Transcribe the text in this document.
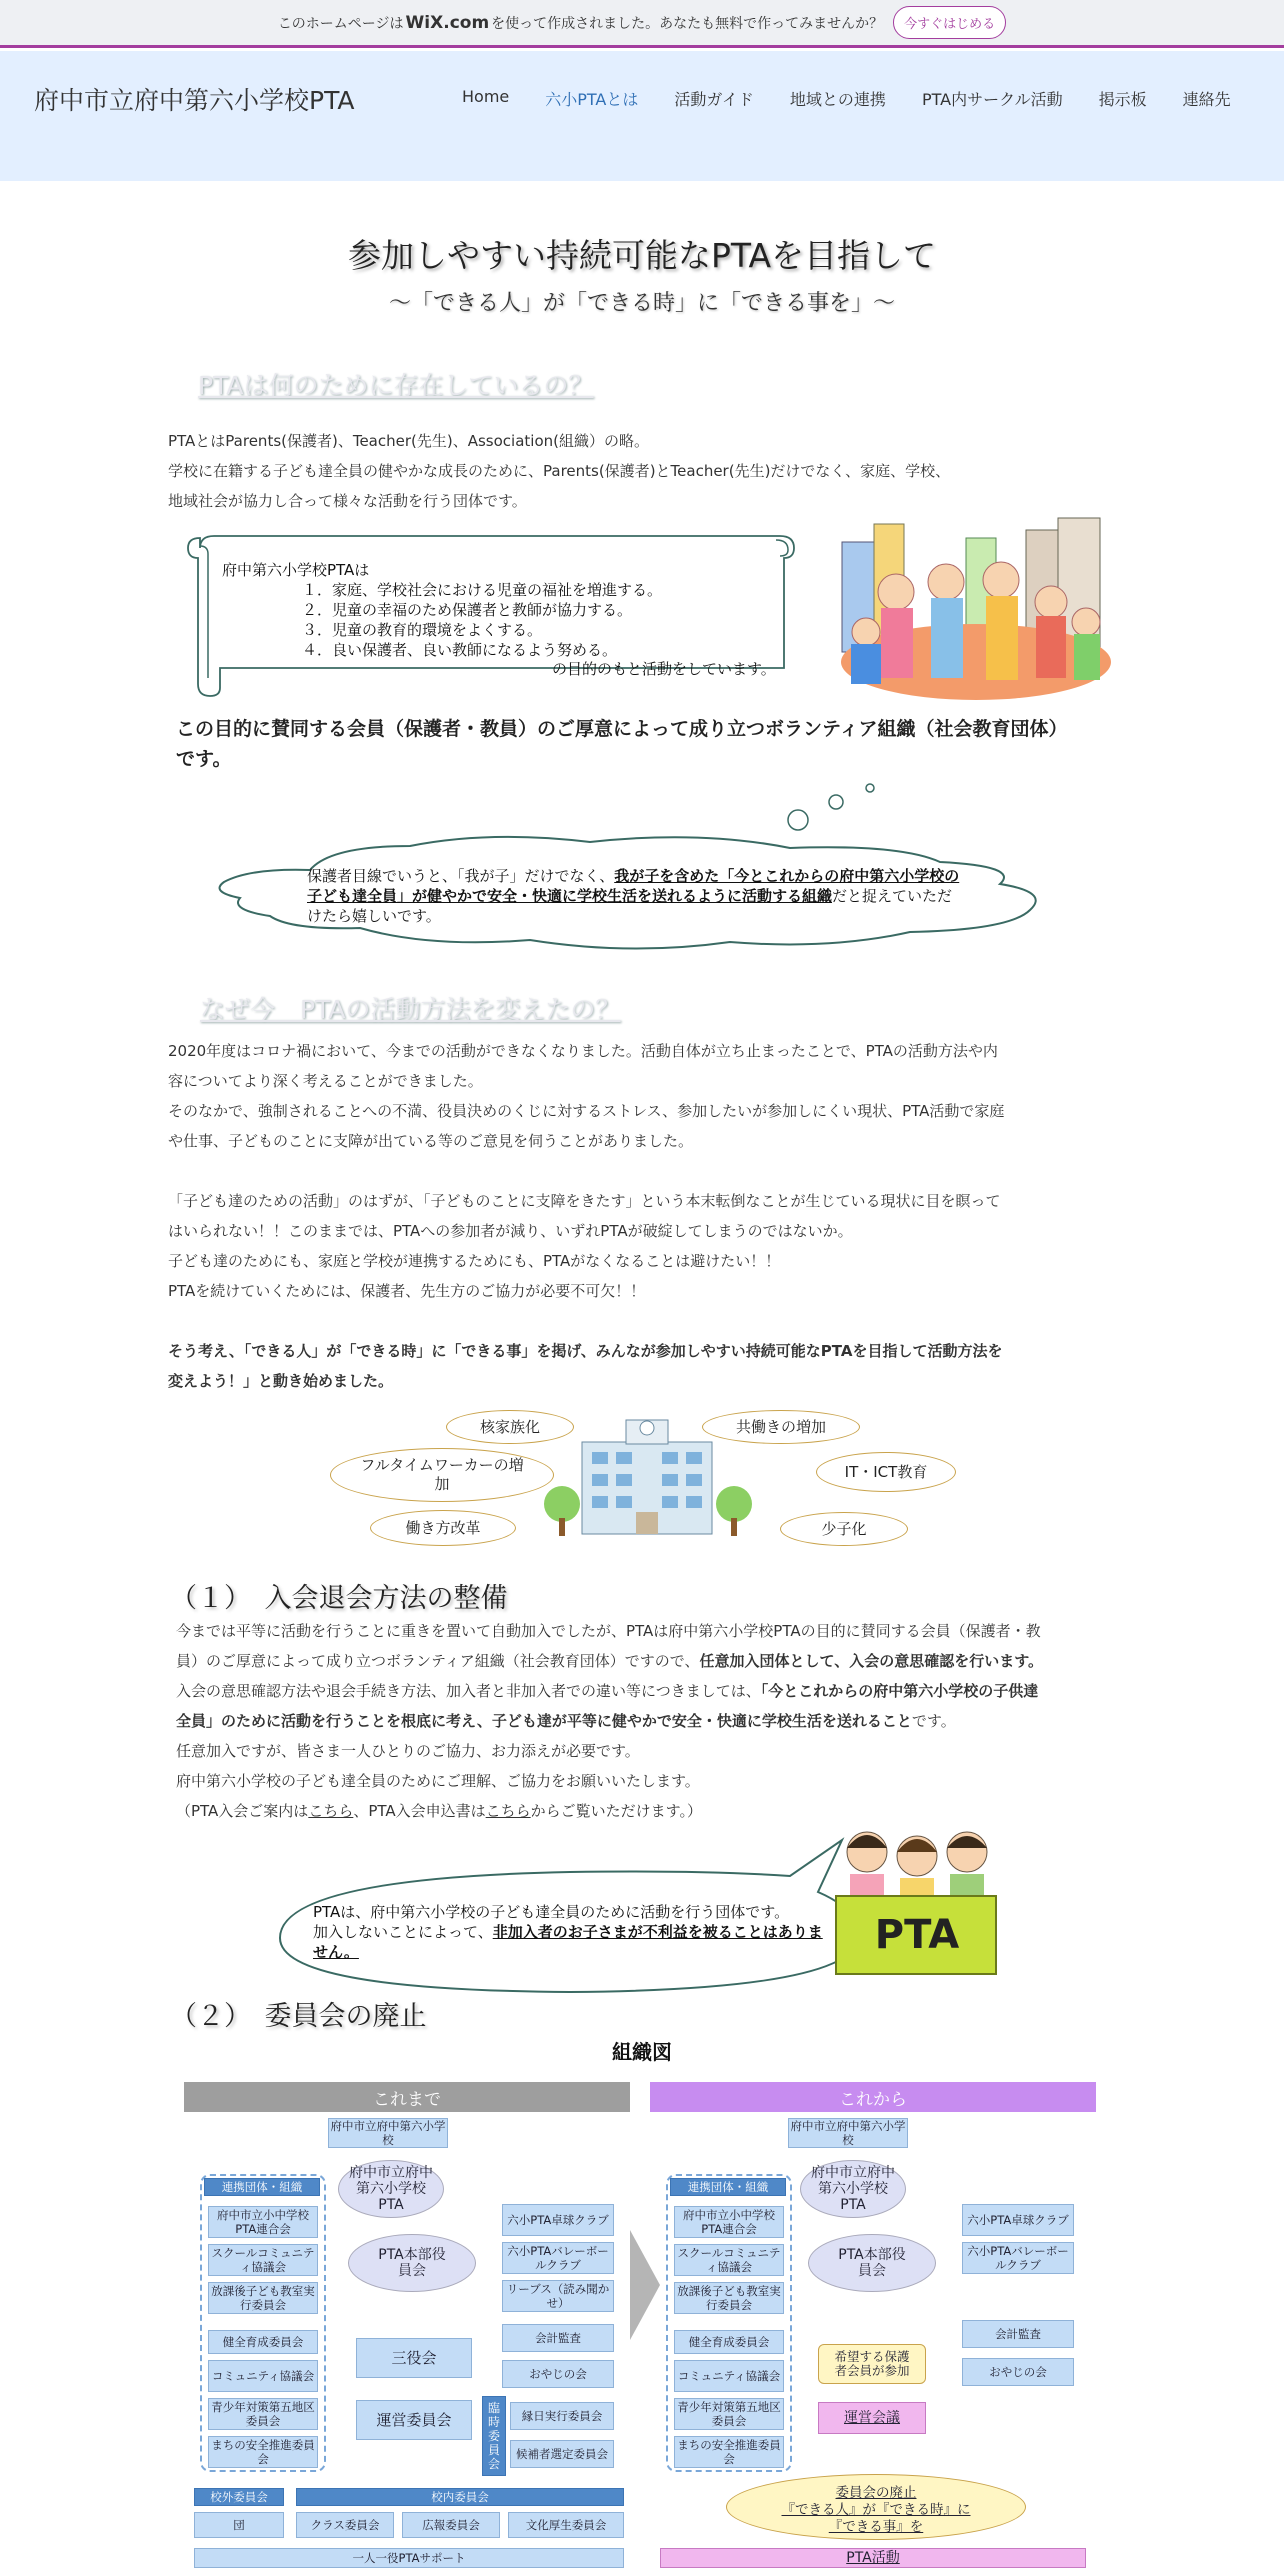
このホームページは WiX.com を使って作成されました。あなたも無料で作ってみませんか？	今すぐはじめる
府中市立府中第六小学校PTA	Home 六小PTAとは 活動ガイド 地域との連携 PTA内サークル活動 掲示板 連絡先
参加しやすい持続可能なPTAを目指して
～「できる人」が「できる時」に「できる事を」～
PTAは何のために存在しているの？

PTAとはParents(保護者)、Teacher(先生)、Association(組織）の略。

学校に在籍する子ども達全員の健やかな成長のために、Parents(保護者)とTeacher(先生)だけでなく、家庭、学校、

地域社会が協力し合って様々な活動を行う団体です。

府中第六小学校PTAは
１．家庭、学校社会における児童の福祉を増進する。
２．児童の幸福のため保護者と教師が協力する。
３．児童の教育的環境をよくする。
４．良い保護者、良い教師になるよう努める。
の目的のもと活動をしています。
この目的に賛同する会員（保護者・教員）のご厚意によって成り立つボランティア組織（社会教育団体）です。
保護者目線でいうと、「我が子」だけでなく、我が子を含めた「今とこれからの府中第六小学校の子ども達全員」が健やかで安全・快適に学校生活を送れるように活動する組織だと捉えていただけたら嬉しいです。
なぜ今　PTAの活動方法を変えたの？

2020年度はコロナ禍において、今までの活動ができなくなりました。活動自体が立ち止まったことで、PTAの活動方法や内

容についてより深く考えることができました。

そのなかで、強制されることへの不満、役員決めのくじに対するストレス、参加したいが参加しにくい現状、PTA活動で家庭

や仕事、子どものことに支障が出ている等のご意見を伺うことがありました。

「子ども達のための活動」のはずが、「子どものことに支障をきたす」という本末転倒なことが生じている現状に目を瞑って

はいられない！！このままでは、PTAへの参加者が減り、いずれPTAが破綻してしまうのではないか。

子ども達のためにも、家庭と学校が連携するためにも、PTAがなくなることは避けたい！！

PTAを続けていくためには、保護者、先生方のご協力が必要不可欠！！

そう考え、「できる人」が「できる時」に「できる事」を掲げ、みんなが参加しやすい持続可能なPTAを目指して活動方法を

変えよう！」と動き始めました。

核家族化	共働きの増加
フルタイムワーカーの増加
IT・ICT教育
働き方改革	少子化
（１）　入会退会方法の整備

今までは平等に活動を行うことに重きを置いて自動加入でしたが、PTAは府中第六小学校PTAの目的に賛同する会員（保護者・教

員）のご厚意によって成り立つボランティア組織（社会教育団体）ですので、任意加入団体として、入会の意思確認を行います。

入会の意思確認方法や退会手続き方法、加入者と非加入者での違い等につきましては、「今とこれからの府中第六小学校の子供達

全員」のために活動を行うことを根底に考え、子ども達が平等に健やかで安全・快適に学校生活を送れることです。

任意加入ですが、皆さま一人ひとりのご協力、お力添えが必要です。

府中第六小学校の子ども達全員のためにご理解、ご協力をお願いいたします。

（PTA入会ご案内はこちら、PTA入会申込書はこちらからご覧いただけます。）

PTAは、府中第六小学校の子ども達全員のために活動を行う団体です。
加入しないことによって、非加入者のお子さまが不利益を被ることはありません。	PTA
（２）　委員会の廃止
組織図
これまで	これから
府中市立府中第六小学校
府中市立府中第六小学校PTA
PTA本部役員会
連携団体・組織
府中市立小中学校PTA連合会
スクールコミュニティ協議会
放課後子ども教室実行委員会
健全育成委員会
コミュニティ協議会
青少年対策第五地区委員会
まちの安全推進委員会
六小PTA卓球クラブ
六小PTAバレーボールクラブ
リーブス（読み聞かせ）
会計監査
おやじの会
縁日実行委員会
候補者選定委員会
三役会
運営委員会
臨時委員会
校外委員会	校内委員会
団	クラス委員会	広報委員会	文化厚生委員会
一人一役PTAサポート
府中市立府中第六小学校
府中市立府中第六小学校PTA
PTA本部役員会
連携団体・組織
府中市立小中学校PTA連合会
スクールコミュニティ協議会
放課後子ども教室実行委員会
健全育成委員会
コミュニティ協議会
青少年対策第五地区委員会
まちの安全推進委員会
六小PTA卓球クラブ
六小PTAバレーボールクラブ
会計監査
おやじの会
希望する保護者会員が参加
運営会議
委員会の廃止
『できる人』が『できる時』に
『できる事』を
PTA活動
